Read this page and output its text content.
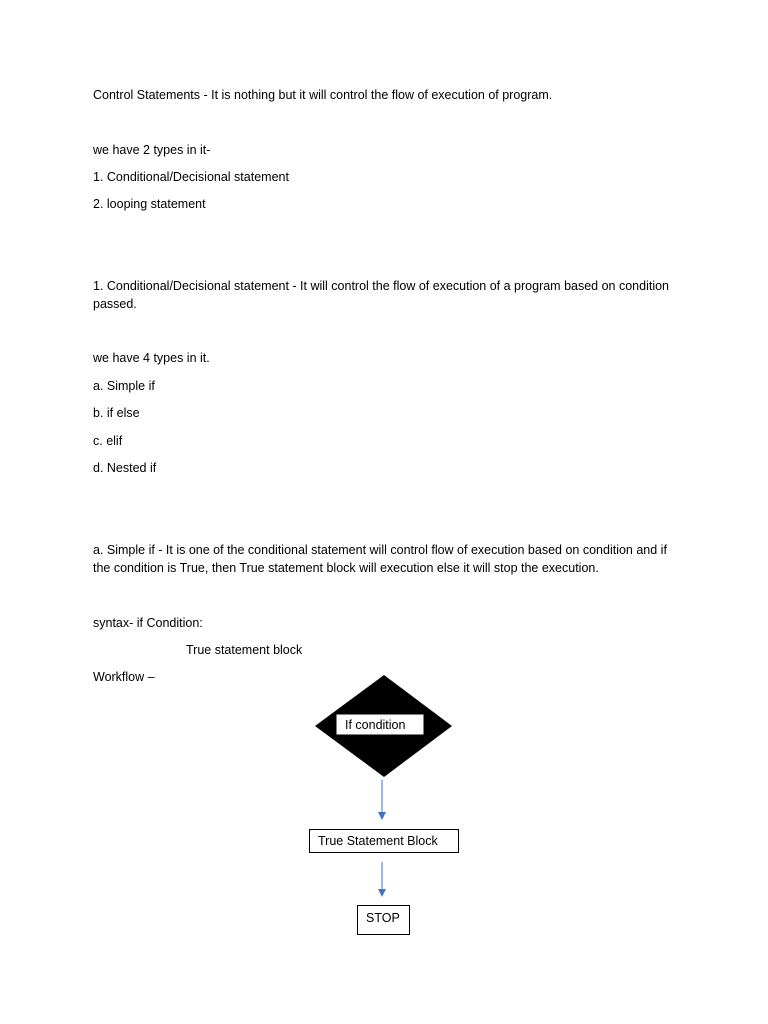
Control Statements - It is nothing but it will control the flow of execution of program.
we have 2 types in it-
1. Conditional/Decisional statement
2. looping statement
1. Conditional/Decisional statement - It will control the flow of execution of a program based on condition passed.
we have 4 types in it.
a. Simple if
b. if else
c. elif
d. Nested if
a. Simple if - It is one of the conditional statement will control flow of execution based on condition and if the condition is True, then True statement block will execution else it will stop the execution.
syntax- if Condition:
True statement block
Workflow –
If condition
True Statement Block
STOP
